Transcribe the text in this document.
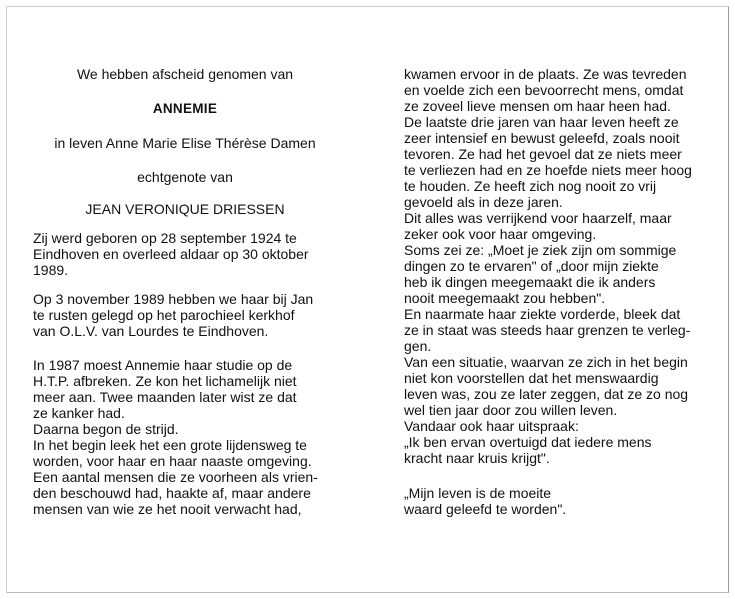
We hebben afscheid genomen van
ANNEMIE
in leven Anne Marie Elise Thérèse Damen
echtgenote van
JEAN VERONIQUE DRIESSEN
Zij werd geboren op 28 september 1924 te
Eindhoven en overleed aldaar op 30 oktober
1989.
Op 3 november 1989 hebben we haar bij Jan
te rusten gelegd op het parochieel kerkhof
van O.L.V. van Lourdes te Eindhoven.
In 1987 moest Annemie haar studie op de
H.T.P. afbreken. Ze kon het lichamelijk niet
meer aan. Twee maanden later wist ze dat
ze kanker had.
Daarna begon de strijd.
In het begin leek het een grote lijdensweg te
worden, voor haar en haar naaste omgeving.
Een aantal mensen die ze voorheen als vrien-
den beschouwd had, haakte af, maar andere
mensen van wie ze het nooit verwacht had,
kwamen ervoor in de plaats. Ze was tevreden
en voelde zich een bevoorrecht mens, omdat
ze zoveel lieve mensen om haar heen had.
De laatste drie jaren van haar leven heeft ze
zeer intensief en bewust geleefd, zoals nooit
tevoren. Ze had het gevoel dat ze niets meer
te verliezen had en ze hoefde niets meer hoog
te houden. Ze heeft zich nog nooit zo vrij
gevoeld als in deze jaren.
Dit alles was verrijkend voor haarzelf, maar
zeker ook voor haar omgeving.
Soms zei ze: „Moet je ziek zijn om sommige
dingen zo te ervaren" of „door mijn ziekte
heb ik dingen meegemaakt die ik anders
nooit meegemaakt zou hebben".
En naarmate haar ziekte vorderde, bleek dat
ze in staat was steeds haar grenzen te verleg-
gen.
Van een situatie, waarvan ze zich in het begin
niet kon voorstellen dat het menswaardig
leven was, zou ze later zeggen, dat ze zo nog
wel tien jaar door zou willen leven.
Vandaar ook haar uitspraak:
„Ik ben ervan overtuigd dat iedere mens
kracht naar kruis krijgt".
„Mijn leven is de moeite
waard geleefd te worden".
